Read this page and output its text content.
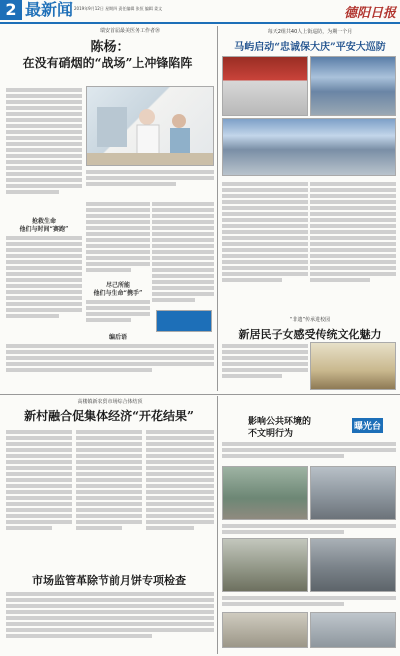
2 最新闻 2019年9月12日 星期四 责任编辑 张恒 编辑 姜文	德阳日报
瑞安首届最美医务工作者⑳
陈杨：
在没有硝烟的“战场”上冲锋陷阵
抢救生命
他们与时间“赛跑”
尽己所能
他们与生命“携手”
编后语
每天2组共40人上街巡防，为期一个月
马屿启动“忠诚保大庆”平安大巡防
“非遗”传承进校园
新居民子女感受传统文化魅力
高楼镇新农贸市场综合体结顶
新村融合促集体经济“开花结果”
市场监管革除节前月饼专项检查
影响公共环境的
不文明行为
曝光台
